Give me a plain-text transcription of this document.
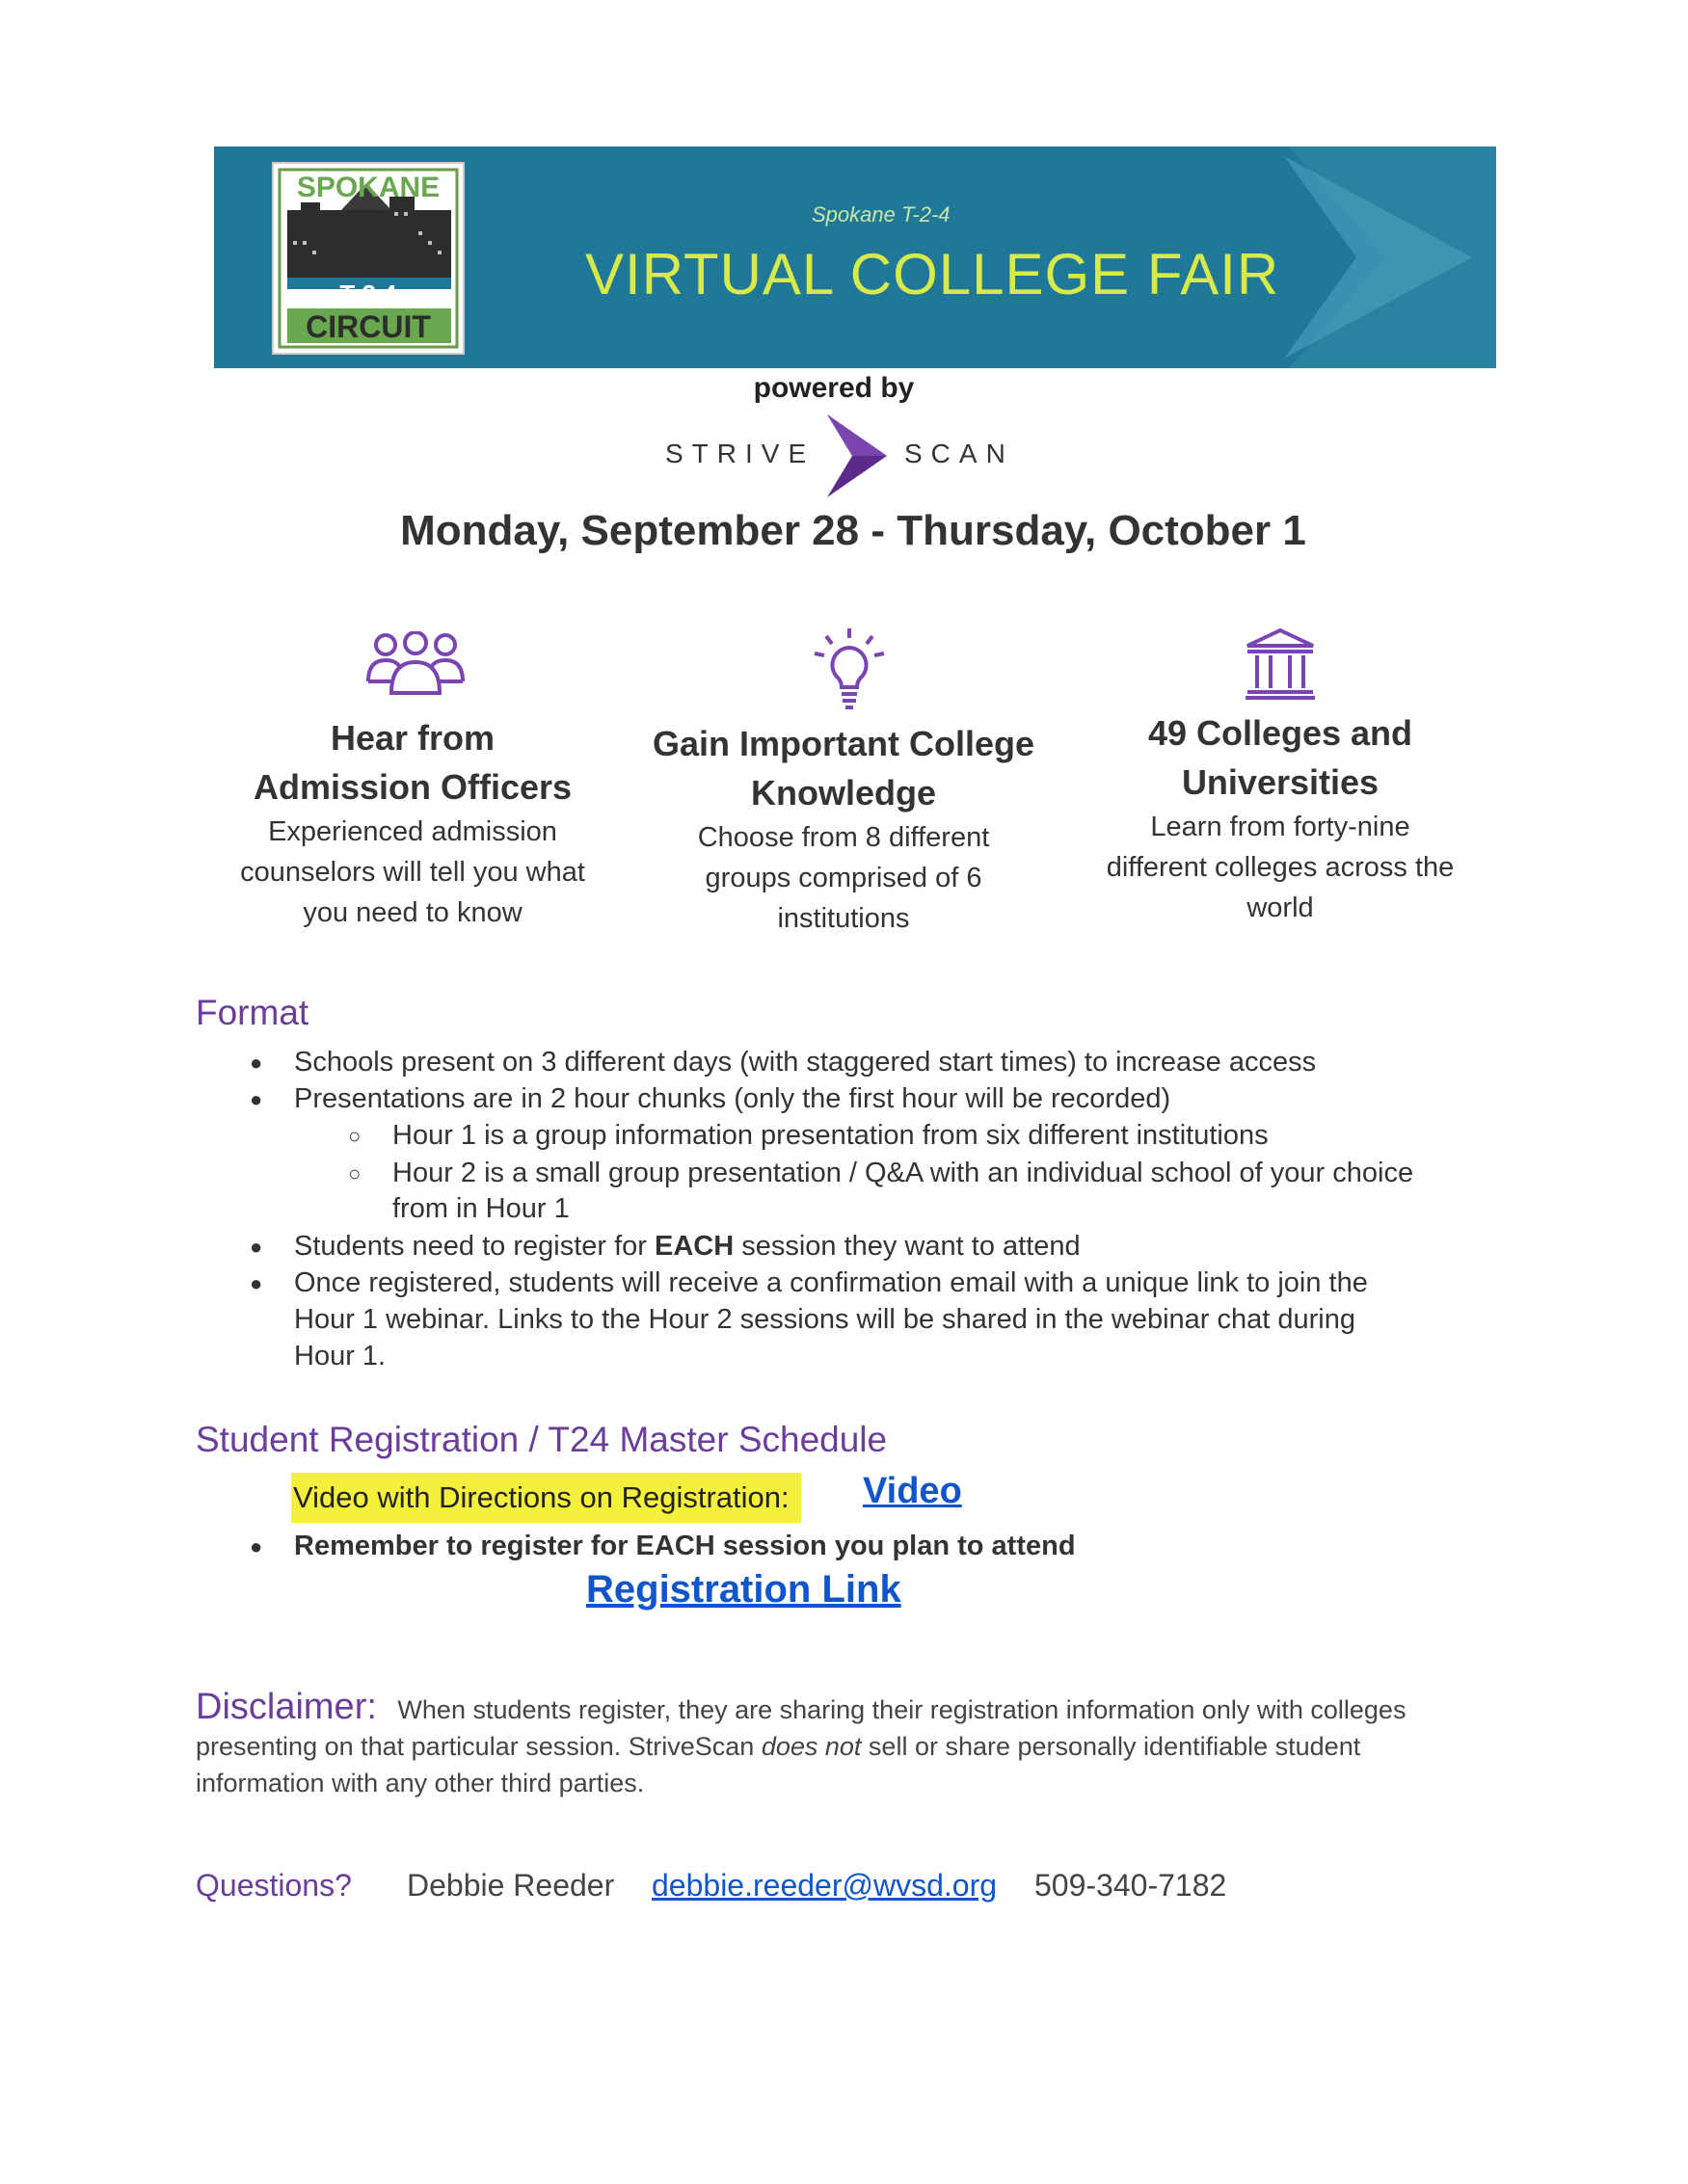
SPOKANE
T 2 4
CIRCUIT
Spokane T-2-4
VIRTUAL COLLEGE FAIR
powered by
STRIVE	SCAN
Monday, September 28 - Thursday, October 1
Hear from
Admission Officers
Experienced admission
counselors will tell you what
you need to know
Gain Important College
Knowledge
Choose from 8 different
groups comprised of 6
institutions
49 Colleges and
Universities
Learn from forty-nine
different colleges across the
world
Format
● Schools present on 3 different days (with staggered start times) to increase access
● Presentations are in 2 hour chunks (only the first hour will be recorded)
○ Hour 1 is a group information presentation from six different institutions
○ Hour 2 is a small group presentation / Q&A with an individual school of your choice
from in Hour 1
● Students need to register for EACH session they want to attend
● Once registered, students will receive a confirmation email with a unique link to join the
Hour 1 webinar. Links to the Hour 2 sessions will be shared in the webinar chat during
Hour 1.
Student Registration / T24 Master Schedule
Video with Directions on Registration:	Video
● Remember to register for EACH session you plan to attend
Registration Link
Disclaimer: When students register, they are sharing their registration information only with colleges
presenting on that particular session. StriveScan does not sell or share personally identifiable student
information with any other third parties.
Questions? Debbie Reeder debbie.reeder@wvsd.org 509-340-7182
